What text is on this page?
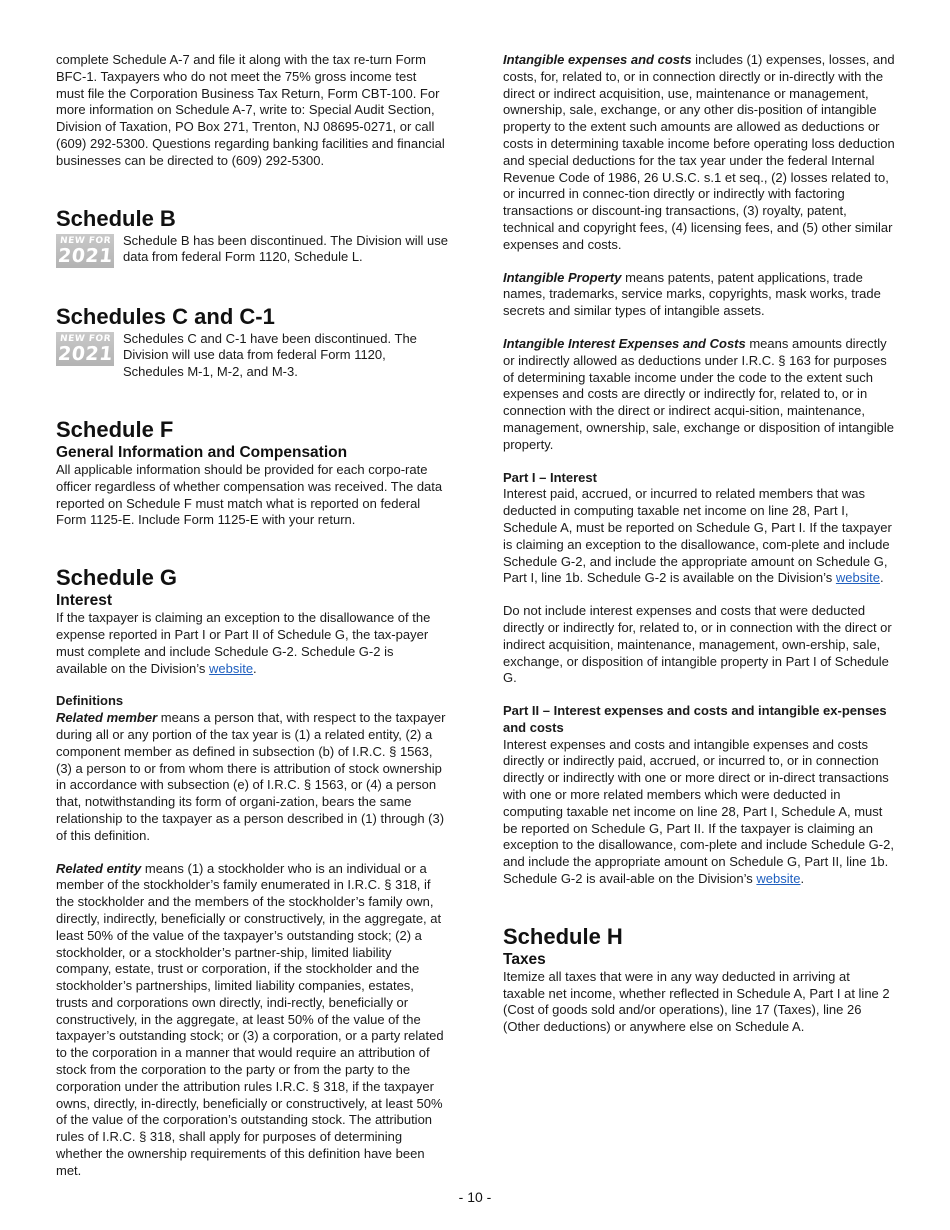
complete Schedule A-7 and file it along with the tax re-turn Form BFC-1. Taxpayers who do not meet the 75% gross income test must file the Corporation Business Tax Return, Form CBT-100. For more information on Schedule A-7, write to: Special Audit Section, Division of Taxation, PO Box 271, Trenton, NJ 08695-0271, or call (609) 292-5300. Questions regarding banking facilities and financial businesses can be directed to (609) 292-5300.

Schedule B
NEW FOR
2021

Schedule B has been discontinued. The Division will use data from federal Form 1120, Schedule L.

Schedules C and C-1
NEW FOR
2021

Schedules C and C-1 have been discontinued. The Division will use data from federal Form 1120, Schedules M-1, M-2, and M-3.

Schedule F
General Information and Compensation

All applicable information should be provided for each corpo-rate officer regardless of whether compensation was received. The data reported on Schedule F must match what is reported on federal Form 1125-E. Include Form 1125-E with your return.

Schedule G
Interest

If the taxpayer is claiming an exception to the disallowance of the expense reported in Part I or Part II of Schedule G, the tax-payer must complete and include Schedule G-2. Schedule G-2 is available on the Division’s website.

Definitions

Related member means a person that, with respect to the taxpayer during all or any portion of the tax year is (1) a related entity, (2) a component member as defined in subsection (b) of I.R.C. § 1563, (3) a person to or from whom there is attribution of stock ownership in accordance with subsection (e) of I.R.C. § 1563, or (4) a person that, notwithstanding its form of organi-zation, bears the same relationship to the taxpayer as a person described in (1) through (3) of this definition.

Related entity means (1) a stockholder who is an individual or a member of the stockholder’s family enumerated in I.R.C. § 318, if the stockholder and the members of the stockholder’s family own, directly, indirectly, beneficially or constructively, in the aggregate, at least 50% of the value of the taxpayer’s outstanding stock; (2) a stockholder, or a stockholder’s partner-ship, limited liability company, estate, trust or corporation, if the stockholder and the stockholder’s partnerships, limited liability companies, estates, trusts and corporations own directly, indi-rectly, beneficially or constructively, in the aggregate, at least 50% of the value of the taxpayer’s outstanding stock; or (3) a corporation, or a party related to the corporation in a manner that would require an attribution of stock from the corporation to the party or from the party to the corporation under the attribution rules I.R.C. § 318, if the taxpayer owns, directly, in-directly, beneficially or constructively, at least 50% of the value of the corporation’s outstanding stock. The attribution rules of I.R.C. § 318, shall apply for purposes of determining whether the ownership requirements of this definition have been met.

Intangible expenses and costs includes (1) expenses, losses, and costs, for, related to, or in connection directly or in-directly with the direct or indirect acquisition, use, maintenance or management, ownership, sale, exchange, or any other dis-position of intangible property to the extent such amounts are allowed as deductions or costs in determining taxable income before operating loss deduction and special deductions for the tax year under the federal Internal Revenue Code of 1986, 26 U.S.C. s.1 et seq., (2) losses related to, or incurred in connec-tion directly or indirectly with factoring transactions or discount-ing transactions, (3) royalty, patent, technical and copyright fees, (4) licensing fees, and (5) other similar expenses and costs.

Intangible Property means patents, patent applications, trade names, trademarks, service marks, copyrights, mask works, trade secrets and similar types of intangible assets.

Intangible Interest Expenses and Costs means amounts directly or indirectly allowed as deductions under I.R.C. § 163 for purposes of determining taxable income under the code to the extent such expenses and costs are directly or indirectly for, related to, or in connection with the direct or indirect acqui-sition, maintenance, management, ownership, sale, exchange or disposition of intangible property.

Part I – Interest

Interest paid, accrued, or incurred to related members that was deducted in computing taxable net income on line 28, Part I, Schedule A, must be reported on Schedule G, Part I. If the taxpayer is claiming an exception to the disallowance, com-plete and include Schedule G-2, and include the appropriate amount on Schedule G, Part I, line 1b. Schedule G-2 is available on the Division’s website.

Do not include interest expenses and costs that were deducted directly or indirectly for, related to, or in connection with the direct or indirect acquisition, maintenance, management, own-ership, sale, exchange, or disposition of intangible property in Part I of Schedule G.

Part II – Interest expenses and costs and intangible ex-penses and costs

Interest expenses and costs and intangible expenses and costs directly or indirectly paid, accrued, or incurred to, or in connection directly or indirectly with one or more direct or in-direct transactions with one or more related members which were deducted in computing taxable net income on line 28, Part I, Schedule A, must be reported on Schedule G, Part II. If the taxpayer is claiming an exception to the disallowance, com-plete and include Schedule G-2, and include the appropriate amount on Schedule G, Part II, line 1b. Schedule G-2 is avail-able on the Division’s website.

Schedule H
Taxes

Itemize all taxes that were in any way deducted in arriving at taxable net income, whether reflected in Schedule A, Part I at line 2 (Cost of goods sold and/or operations), line 17 (Taxes), line 26 (Other deductions) or anywhere else on Schedule A.

- 10 -
